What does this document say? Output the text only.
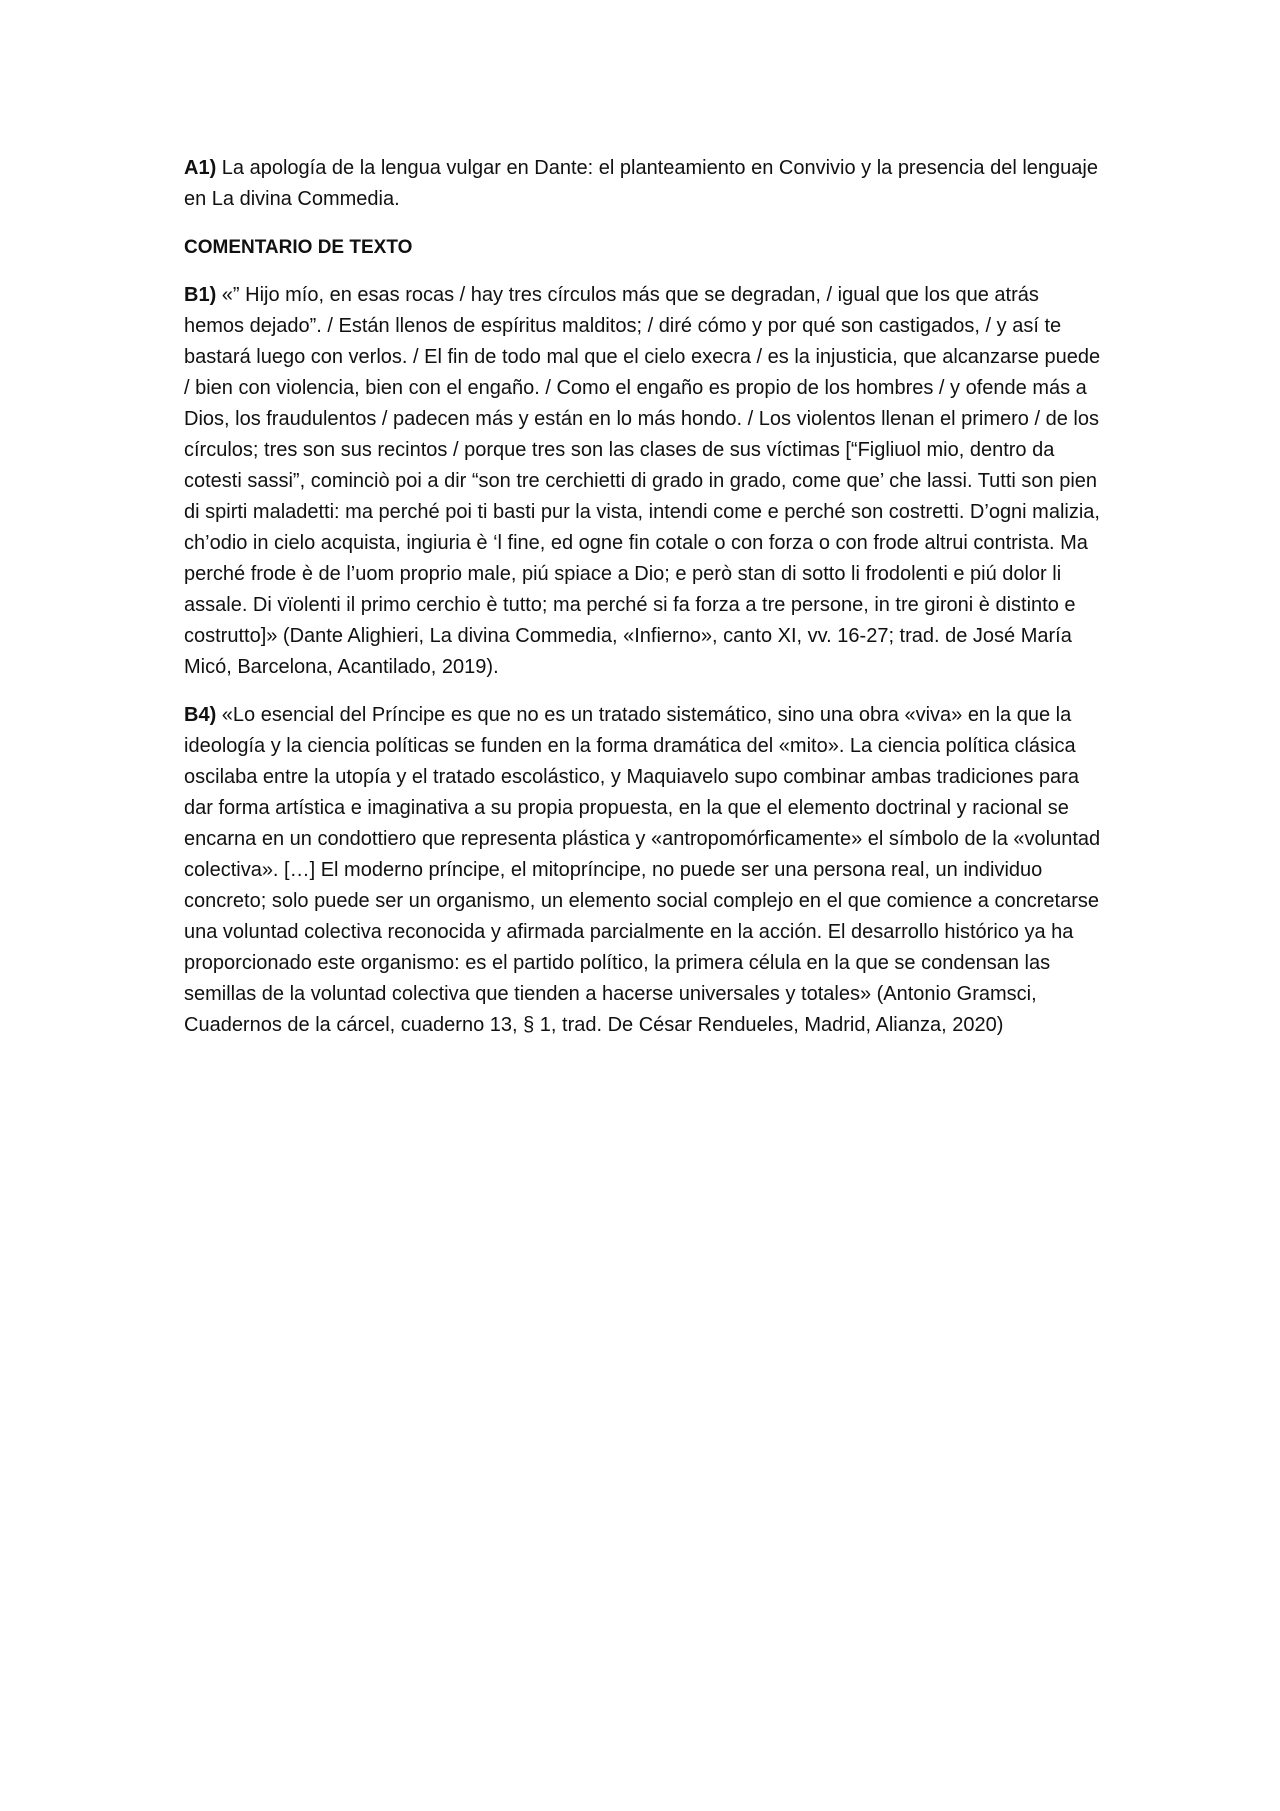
A1) La apología de la lengua vulgar en Dante: el planteamiento en Convivio y la presencia del lenguaje en La divina Commedia.

COMENTARIO DE TEXTO

B1) «” Hijo mío, en esas rocas / hay tres círculos más que se degradan, / igual que los que atrás hemos dejado”. / Están llenos de espíritus malditos; / diré cómo y por qué son castigados, / y así te bastará luego con verlos. / El fin de todo mal que el cielo execra / es la injusticia, que alcanzarse puede / bien con violencia, bien con el engaño. / Como el engaño es propio de los hombres / y ofende más a Dios, los fraudulentos / padecen más y están en lo más hondo. / Los violentos llenan el primero / de los círculos; tres son sus recintos / porque tres son las clases de sus víctimas [“Figliuol mio, dentro da cotesti sassi”, cominciò poi a dir “son tre cerchietti di grado in grado, come que’ che lassi. Tutti son pien di spirti maladetti: ma perché poi ti basti pur la vista, intendi come e perché son costretti. D’ogni malizia, ch’odio in cielo acquista, ingiuria è ‘l fine, ed ogne fin cotale o con forza o con frode altrui contrista. Ma perché frode è de l’uom proprio male, piú spiace a Dio; e però stan di sotto li frodolenti e piú dolor li assale. Di vïolenti il primo cerchio è tutto; ma perché si fa forza a tre persone, in tre gironi è distinto e costrutto]» (Dante Alighieri, La divina Commedia, «Infierno», canto XI, vv. 16-27; trad. de José María Micó, Barcelona, Acantilado, 2019).

B4) «Lo esencial del Príncipe es que no es un tratado sistemático, sino una obra «viva» en la que la ideología y la ciencia políticas se funden en la forma dramática del «mito». La ciencia política clásica oscilaba entre la utopía y el tratado escolástico, y Maquiavelo supo combinar ambas tradiciones para dar forma artística e imaginativa a su propia propuesta, en la que el elemento doctrinal y racional se encarna en un condottiero que representa plástica y «antropomórficamente» el símbolo de la «voluntad colectiva». […] El moderno príncipe, el mitopríncipe, no puede ser una persona real, un individuo concreto; solo puede ser un organismo, un elemento social complejo en el que comience a concretarse una voluntad colectiva reconocida y afirmada parcialmente en la acción. El desarrollo histórico ya ha proporcionado este organismo: es el partido político, la primera célula en la que se condensan las semillas de la voluntad colectiva que tienden a hacerse universales y totales» (Antonio Gramsci, Cuadernos de la cárcel, cuaderno 13, § 1, trad. De César Rendueles, Madrid, Alianza, 2020)
